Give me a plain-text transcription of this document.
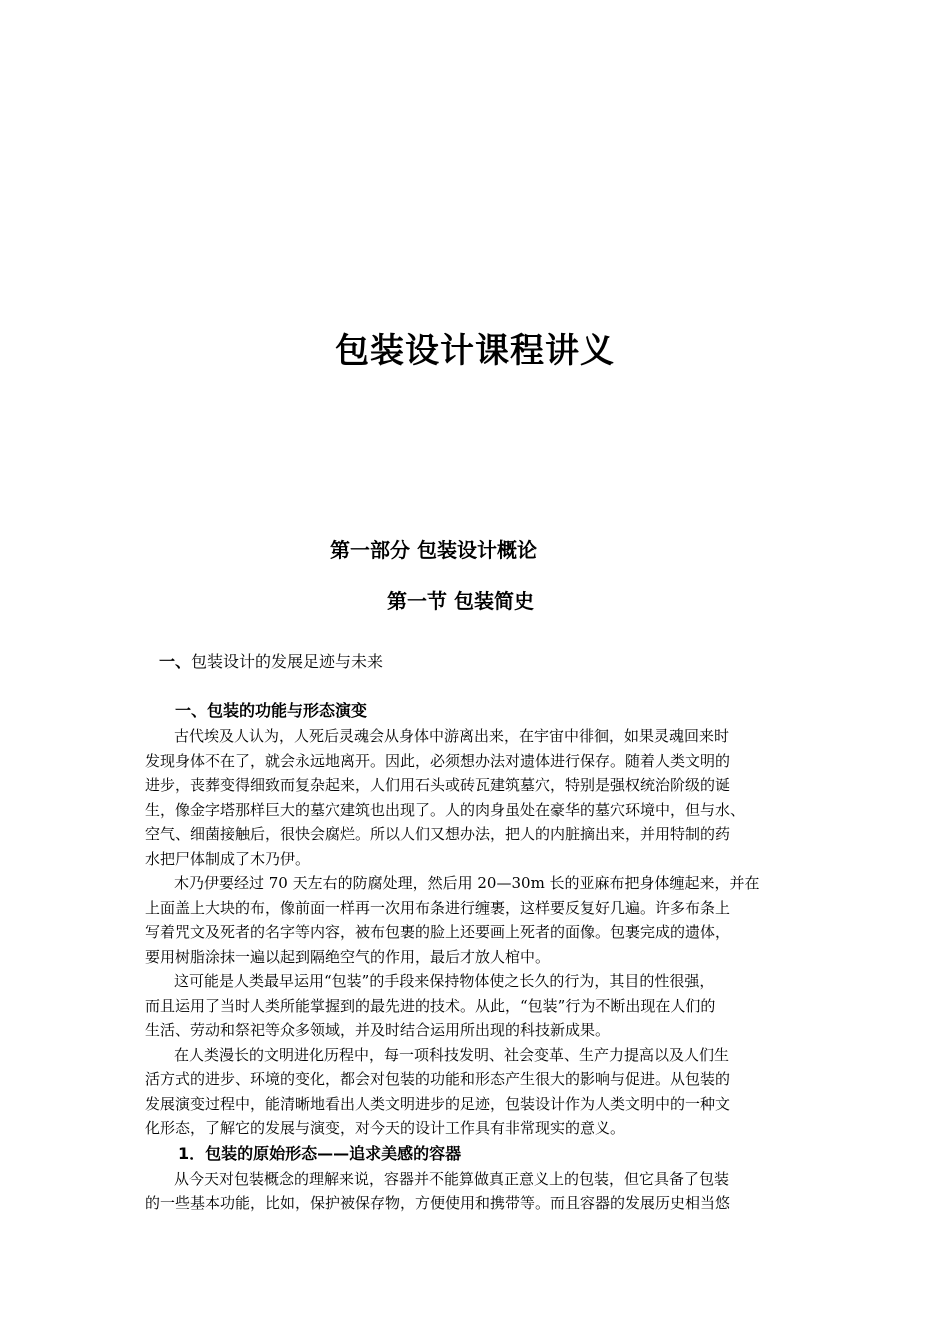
包装设计课程讲义
第一部分 包装设计概论
第一节 包装简史
一、包装设计的发展足迹与未来
一、包装的功能与形态演变
古代埃及人认为，人死后灵魂会从身体中游离出来，在宇宙中徘徊，如果灵魂回来时
发现身体不在了，就会永远地离开。因此，必须想办法对遗体进行保存。随着人类文明的
进步，丧葬变得细致而复杂起来，人们用石头或砖瓦建筑墓穴，特别是强权统治阶级的诞
生，像金字塔那样巨大的墓穴建筑也出现了。人的肉身虽处在豪华的墓穴环境中，但与水、
空气、细菌接触后，很快会腐烂。所以人们又想办法，把人的内脏摘出来，并用特制的药
水把尸体制成了木乃伊。
木乃伊要经过 70 天左右的防腐处理，然后用 20—30m 长的亚麻布把身体缠起来，并在
上面盖上大块的布，像前面一样再一次用布条进行缠裹，这样要反复好几遍。许多布条上
写着咒文及死者的名字等内容，被布包裹的脸上还要画上死者的面像。包裹完成的遗体，
要用树脂涂抹一遍以起到隔绝空气的作用，最后才放人棺中。
这可能是人类最早运用“包装”的手段来保持物体使之长久的行为，其目的性很强，
而且运用了当时人类所能掌握到的最先进的技术。从此，“包装”行为不断出现在人们的
生活、劳动和祭祀等众多领域，并及时结合运用所出现的科技新成果。
在人类漫长的文明进化历程中，每一项科技发明、社会变革、生产力提高以及人们生
活方式的进步、环境的变化，都会对包装的功能和形态产生很大的影响与促进。从包装的
发展演变过程中，能清晰地看出人类文明进步的足迹，包装设计作为人类文明中的一种文
化形态，了解它的发展与演变，对今天的设计工作具有非常现实的意义。
1．包装的原始形态——追求美感的容器
从今天对包装概念的理解来说，容器并不能算做真正意义上的包装，但它具备了包装
的一些基本功能，比如，保护被保存物，方便使用和携带等。而且容器的发展历史相当悠
